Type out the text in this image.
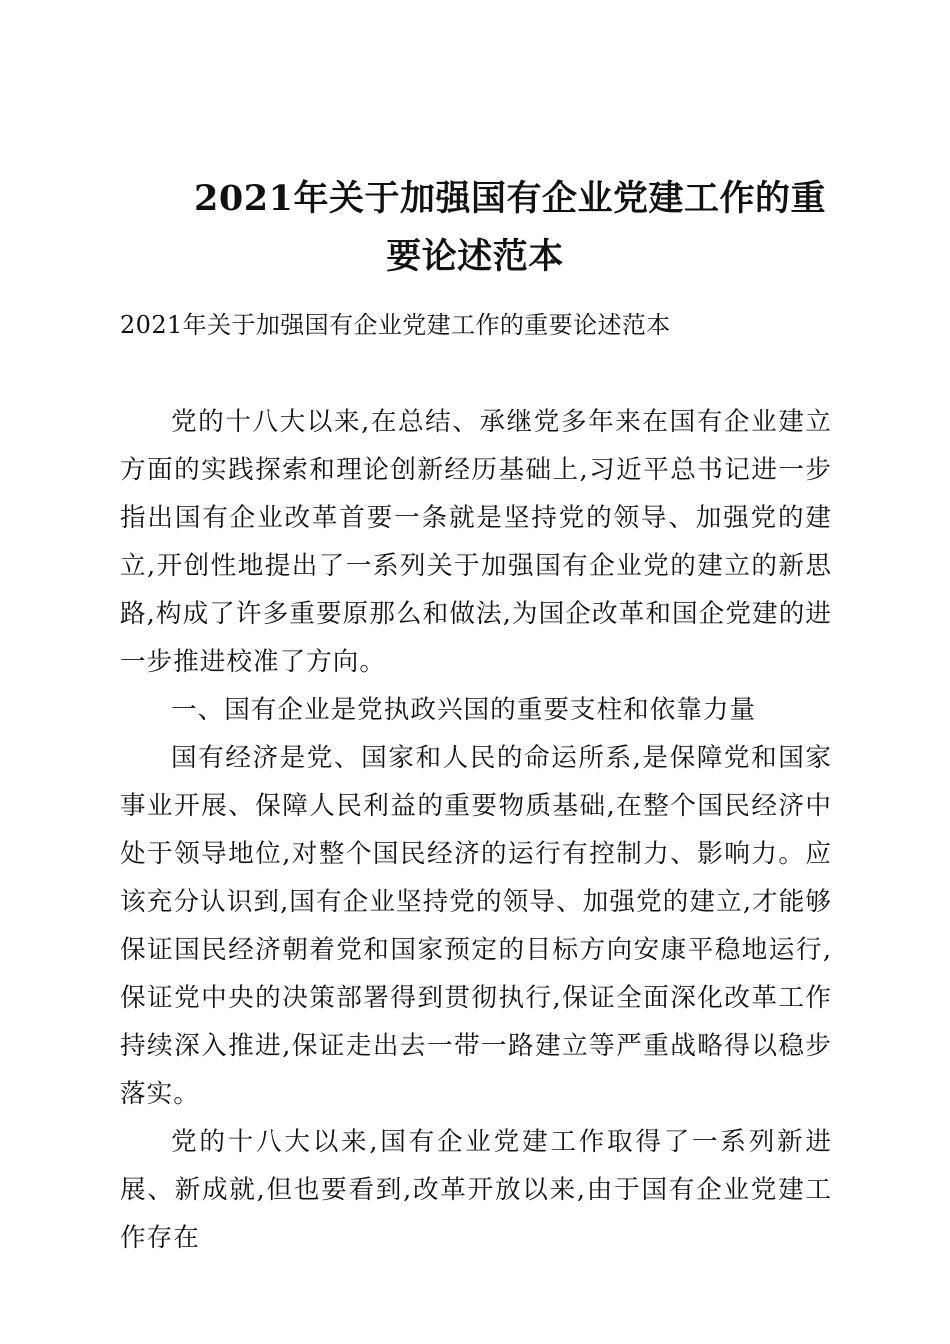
2021年关于加强国有企业党建工作的重要论述范本
2021年关于加强国有企业党建工作的重要论述范本

党的十八大以来,在总结、承继党多年来在国有企业建立方面的实践探索和理论创新经历基础上,习近平总书记进一步指出国有企业改革首要一条就是坚持党的领导、加强党的建立,开创性地提出了一系列关于加强国有企业党的建立的新思路,构成了许多重要原那么和做法,为国企改革和国企党建的进一步推进校准了方向。

一、国有企业是党执政兴国的重要支柱和依靠力量

国有经济是党、国家和人民的命运所系,是保障党和国家事业开展、保障人民利益的重要物质基础,在整个国民经济中处于领导地位,对整个国民经济的运行有控制力、影响力。应该充分认识到,国有企业坚持党的领导、加强党的建立,才能够保证国民经济朝着党和国家预定的目标方向安康平稳地运行,保证党中央的决策部署得到贯彻执行,保证全面深化改革工作持续深入推进,保证走出去一带一路建立等严重战略得以稳步落实。

党的十八大以来,国有企业党建工作取得了一系列新进展、新成就,但也要看到,改革开放以来,由于国有企业党建工作存在
